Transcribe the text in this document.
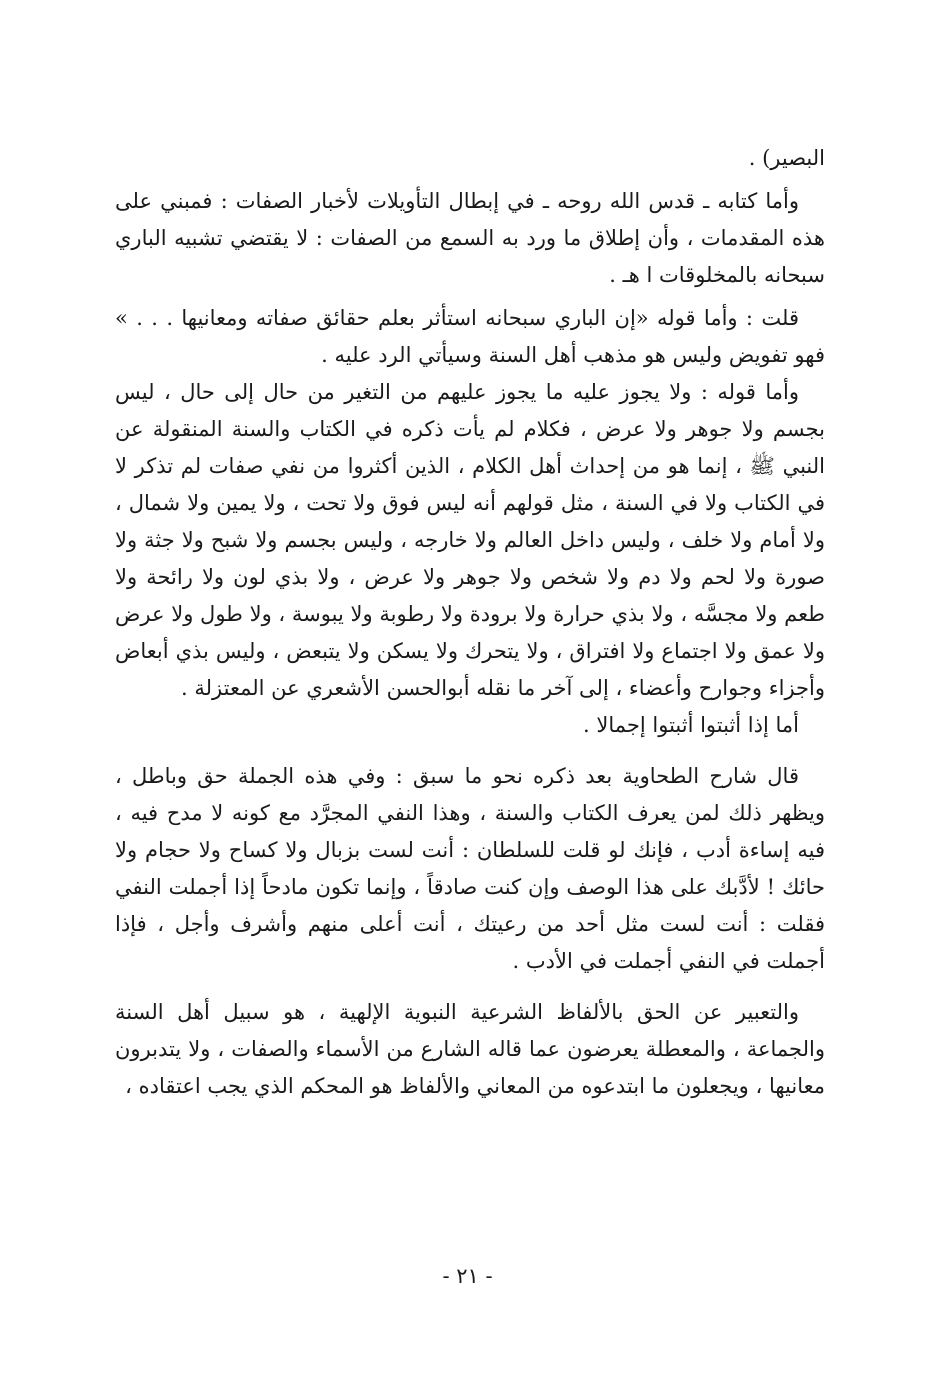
البصير) .

وأما كتابه ـ قدس الله روحه ـ في إبطال التأويلات لأخبار الصفات : فمبني على هذه المقدمات ، وأن إطلاق ما ورد به السمع من الصفات : لا يقتضي تشبيه الباري سبحانه بالمخلوقات ا هـ .

قلت : وأما قوله «إن الباري سبحانه استأثر بعلم حقائق صفاته ومعانيها . . . » فهو تفويض وليس هو مذهب أهل السنة وسيأتي الرد عليه .

وأما قوله : ولا يجوز عليه ما يجوز عليهم من التغير من حال إلى حال ، ليس بجسم ولا جوهر ولا عرض ، فكلام لم يأت ذكره في الكتاب والسنة المنقولة عن النبي ﷺ ، إنما هو من إحداث أهل الكلام ، الذين أكثروا من نفي صفات لم تذكر لا في الكتاب ولا في السنة ، مثل قولهم أنه ليس فوق ولا تحت ، ولا يمين ولا شمال ، ولا أمام ولا خلف ، وليس داخل العالم ولا خارجه ، وليس بجسم ولا شبح ولا جثة ولا صورة ولا لحم ولا دم ولا شخص ولا جوهر ولا عرض ، ولا بذي لون ولا رائحة ولا طعم ولا مجسَّه ، ولا بذي حرارة ولا برودة ولا رطوبة ولا يبوسة ، ولا طول ولا عرض ولا عمق ولا اجتماع ولا افتراق ، ولا يتحرك ولا يسكن ولا يتبعض ، وليس بذي أبعاض وأجزاء وجوارح وأعضاء ، إلى آخر ما نقله أبوالحسن الأشعري عن المعتزلة .

أما إذا أثبتوا أثبتوا إجمالا .

قال شارح الطحاوية بعد ذكره نحو ما سبق : وفي هذه الجملة حق وباطل ، ويظهر ذلك لمن يعرف الكتاب والسنة ، وهذا النفي المجرَّد مع كونه لا مدح فيه ، فيه إساءة أدب ، فإنك لو قلت للسلطان : أنت لست بزبال ولا كساح ولا حجام ولا حائك ! لأدَّبك على هذا الوصف وإن كنت صادقاً ، وإنما تكون مادحاً إذا أجملت النفي فقلت : أنت لست مثل أحد من رعيتك ، أنت أعلى منهم وأشرف وأجل ، فإذا أجملت في النفي أجملت في الأدب .

والتعبير عن الحق بالألفاظ الشرعية النبوية الإلهية ، هو سبيل أهل السنة والجماعة ، والمعطلة يعرضون عما قاله الشارع من الأسماء والصفات ، ولا يتدبرون معانيها ، ويجعلون ما ابتدعوه من المعاني والألفاظ هو المحكم الذي يجب اعتقاده ،

- ٢١ -
